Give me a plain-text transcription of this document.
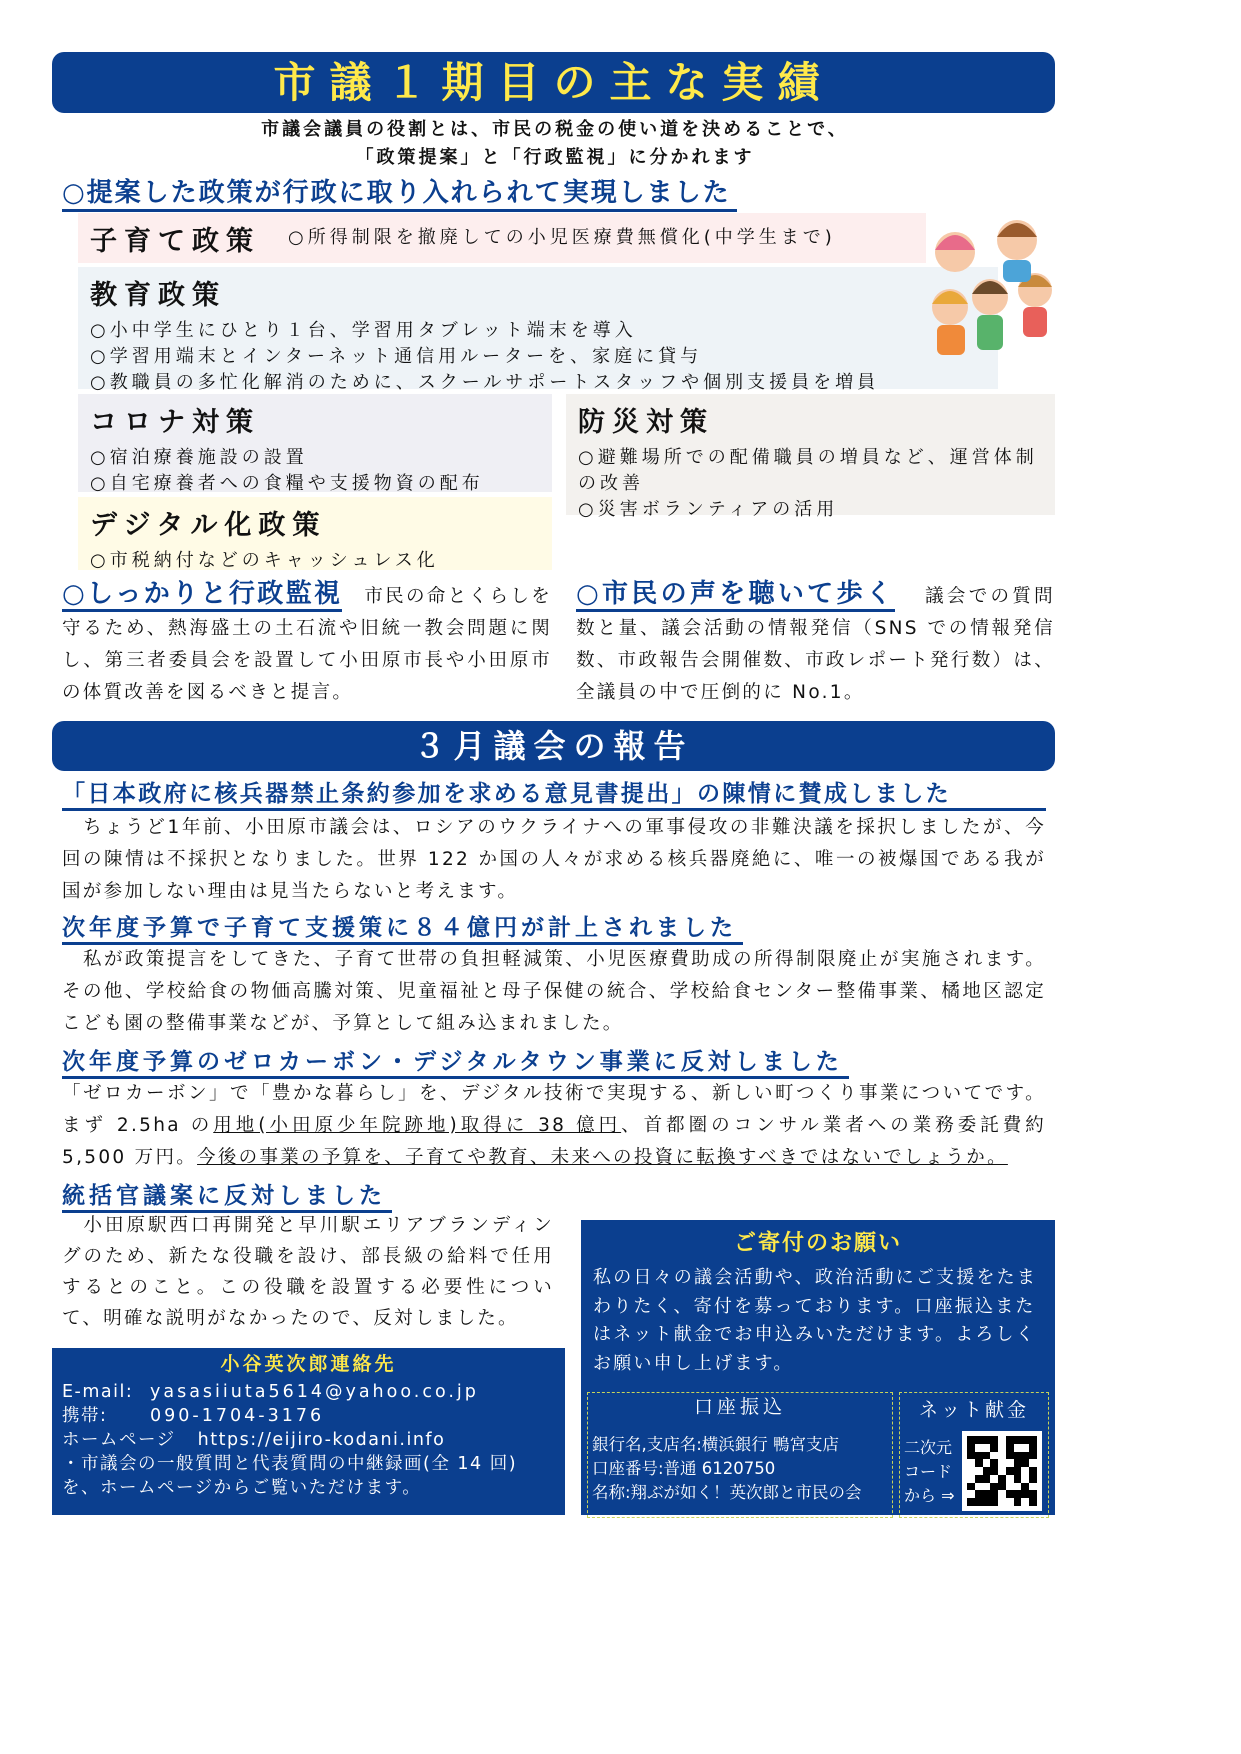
市議１期目の主な実績
市議会議員の役割とは、市民の税金の使い道を決めることで、
「政策提案」と「行政監視」に分かれます
○提案した政策が行政に取り入れられて実現しました
子育て政策 ○所得制限を撤廃しての小児医療費無償化(中学生まで)
教育政策
○小中学生にひとり１台、学習用タブレット端末を導入
○学習用端末とインターネット通信用ルーターを、家庭に貸与
○教職員の多忙化解消のために、スクールサポートスタッフや個別支援員を増員
コロナ対策
○宿泊療養施設の設置
○自宅療養者への食糧や支援物資の配布
防災対策
○避難場所での配備職員の増員など、運営体制の改善
○災害ボランティアの活用
デジタル化政策
○市税納付などのキャッシュレス化
○しっかりと行政監視 市民の命とくらしを守るため、熱海盛土の土石流や旧統一教会問題に関し、第三者委員会を設置して小田原市長や小田原市の体質改善を図るべきと提言。
○市民の声を聴いて歩く 議会での質問数と量、議会活動の情報発信（SNS での情報発信数、市政報告会開催数、市政レポート発行数）は、全議員の中で圧倒的に No.1。
３月議会の報告
「日本政府に核兵器禁止条約参加を求める意見書提出」の陳情に賛成しました
　ちょうど1年前、小田原市議会は、ロシアのウクライナへの軍事侵攻の非難決議を採択しましたが、今回の陳情は不採択となりました。世界 122 か国の人々が求める核兵器廃絶に、唯一の被爆国である我が国が参加しない理由は見当たらないと考えます。
次年度予算で子育て支援策に８４億円が計上されました
　私が政策提言をしてきた、子育て世帯の負担軽減策、小児医療費助成の所得制限廃止が実施されます。その他、学校給食の物価高騰対策、児童福祉と母子保健の統合、学校給食センター整備事業、橘地区認定こども園の整備事業などが、予算として組み込まれました。
次年度予算のゼロカーボン・デジタルタウン事業に反対しました
「ゼロカーボン」で「豊かな暮らし」を、デジタル技術で実現する、新しい町つくり事業についてです。まず 2.5ha の用地(小田原少年院跡地)取得に 38 億円、首都圏のコンサル業者への業務委託費約 5,500 万円。今後の事業の予算を、子育てや教育、未来への投資に転換すべきではないでしょうか。
統括官議案に反対しました
　小田原駅西口再開発と早川駅エリアブランディングのため、新たな役職を設け、部長級の給料で任用するとのこと。この役職を設置する必要性について、明確な説明がなかったので、反対しました。
小谷英次郎連絡先
E-mail: yasasiiuta5614@yahoo.co.jp
携帯: 090-1704-3176
ホームページ https://eijiro-kodani.info
・市議会の一般質問と代表質問の中継録画(全 14 回)を、ホームページからご覧いただけます。
ご寄付のお願い
私の日々の議会活動や、政治活動にご支援をたまわりたく、寄付を募っております。口座振込またはネット献金でお申込みいただけます。よろしくお願い申し上げます。
口座振込
銀行名,支店名:横浜銀行 鴨宮支店
口座番号:普通 6120750
名称:翔ぶが如く！英次郎と市民の会
ネット献金
二次元
コード
から ⇒
